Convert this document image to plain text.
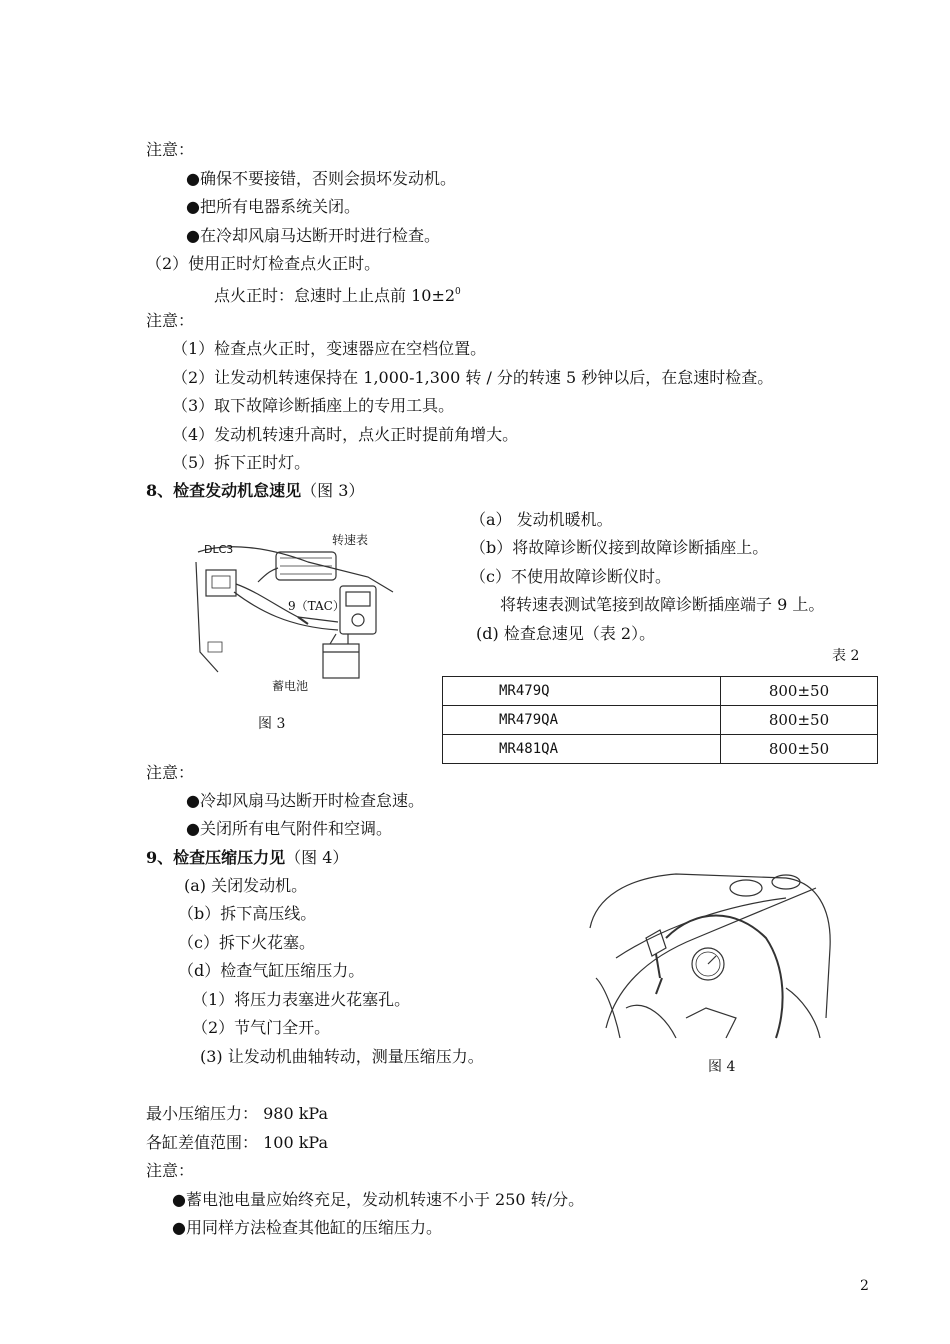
注意：
●确保不要接错，否则会损坏发动机。
●把所有电器系统关闭。
●在冷却风扇马达断开时进行检查。
（2）使用正时灯检查点火正时。
点火正时：怠速时上止点前 $10\pm 2^0$
注意：
（1）检查点火正时，变速器应在空档位置。
（2）让发动机转速保持在 1,000-1,300 转 / 分的转速 5 秒钟以后，在怠速时检查。
（3）取下故障诊断插座上的专用工具。
（4）发动机转速升高时，点火正时提前角增大。
（5）拆下正时灯。
8、检查发动机怠速见（图 3）
DLC3
转速表
9（TAC）
蓄电池
图 3
（a） 发动机暖机。
（b）将故障诊断仪接到故障诊断插座上。
（c）不使用故障诊断仪时。
将转速表测试笔接到故障诊断插座端子 9 上。
(d) 检查怠速见（表 2）。
表 2
MR479Q	800±50
MR479QA	800±50
MR481QA	800±50
注意：
●冷却风扇马达断开时检查怠速。
●关闭所有电气附件和空调。
9、检查压缩压力见（图 4）
(a) 关闭发动机。
（b）拆下高压线。
（c）拆下火花塞。
（d）检查气缸压缩压力。
（1）将压力表塞进火花塞孔。
（2）节气门全开。
(3) 让发动机曲轴转动，测量压缩压力。
图 4
最小压缩压力： 980 kPa
各缸差值范围： 100 kPa
注意：
●蓄电池电量应始终充足，发动机转速不小于 250 转/分。
●用同样方法检查其他缸的压缩压力。
2
